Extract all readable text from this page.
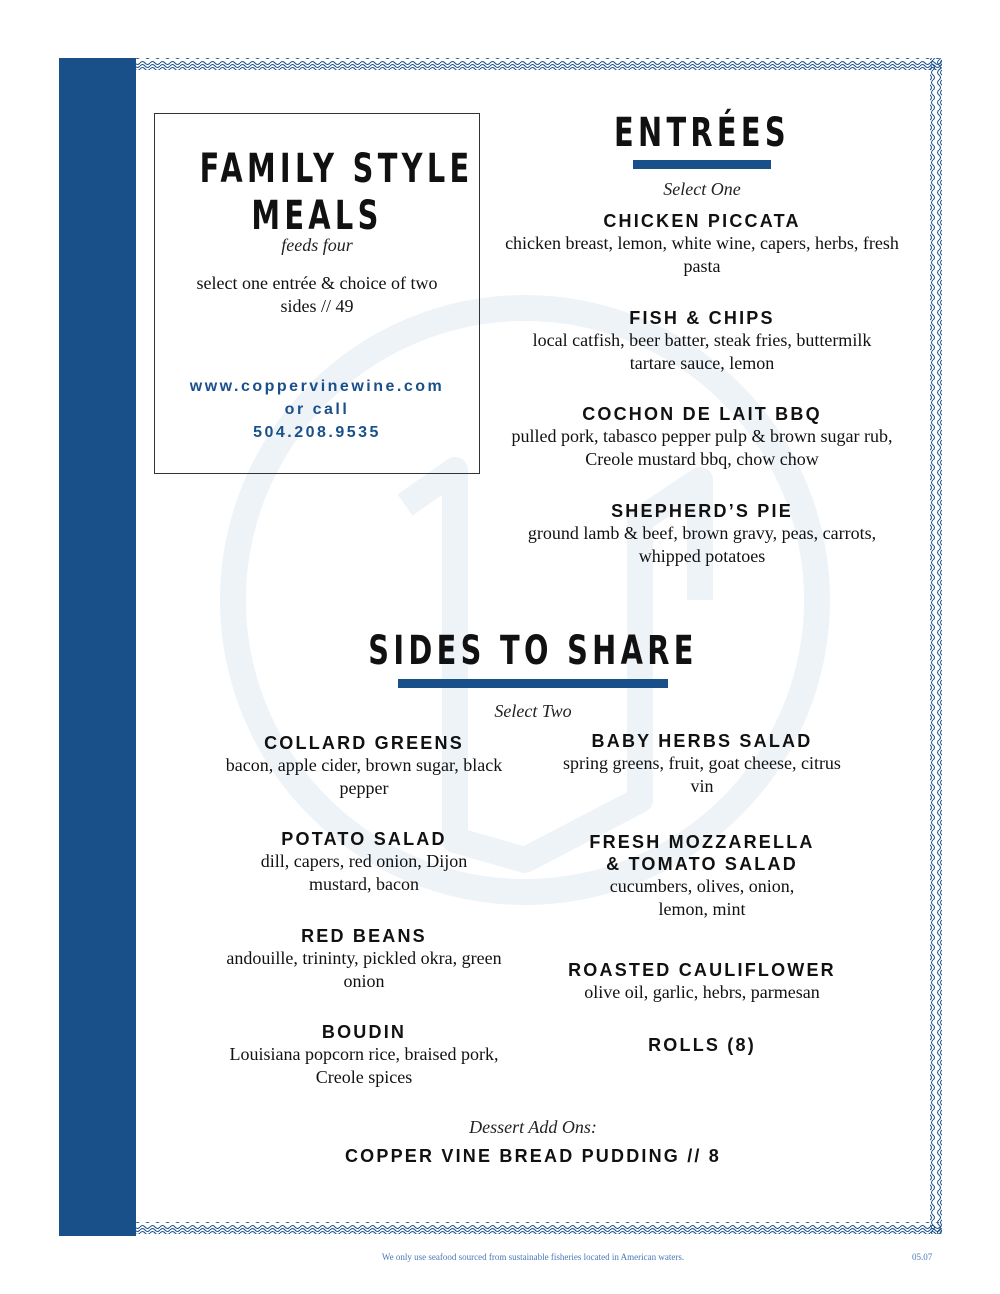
FAMILY STYLE
MEALS
feeds four
select one entrée & choice of two sides // 49
www.coppervinewine.com
or call
504.208.9535
ENTRÉES
Select One
CHICKEN PICCATA
chicken breast, lemon, white wine, capers, herbs, fresh pasta
FISH & CHIPS
local catfish, beer batter, steak fries, buttermilk tartare sauce, lemon
COCHON DE LAIT BBQ
pulled pork, tabasco pepper pulp & brown sugar rub, Creole mustard bbq, chow chow
SHEPHERD’S PIE
ground lamb & beef, brown gravy, peas, carrots, whipped potatoes
SIDES TO SHARE
Select Two
COLLARD GREENS
bacon, apple cider, brown sugar, black pepper
POTATO SALAD
dill, capers, red onion, Dijon mustard, bacon
RED BEANS
andouille, trininty, pickled okra, green onion
BOUDIN
Louisiana popcorn rice, braised pork, Creole spices
BABY HERBS SALAD
spring greens, fruit, goat cheese, citrus vin
FRESH MOZZARELLA
& TOMATO SALAD
cucumbers, olives, onion, lemon, mint
ROASTED CAULIFLOWER
olive oil, garlic, hebrs, parmesan
ROLLS (8)
Dessert Add Ons:
COPPER VINE BREAD PUDDING // 8
We only use seafood sourced from sustainable fisheries located in American waters.	05.07
